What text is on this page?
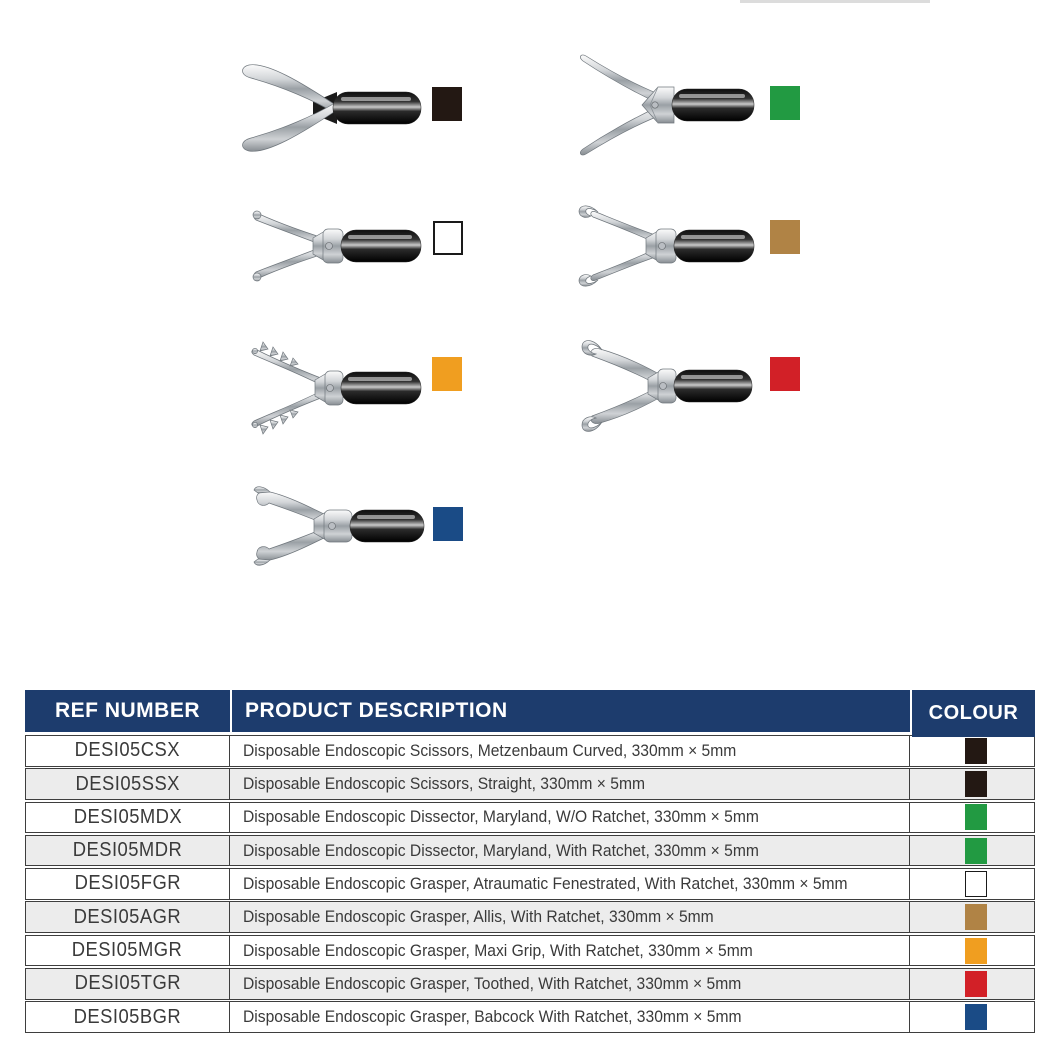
REF NUMBER	PRODUCT DESCRIPTION	COLOUR
DESI05CSX	Disposable Endoscopic Scissors, Metzenbaum Curved, 330mm × 5mm
DESI05SSX	Disposable Endoscopic Scissors, Straight, 330mm × 5mm
DESI05MDX	Disposable Endoscopic Dissector, Maryland, W/O Ratchet, 330mm × 5mm
DESI05MDR	Disposable Endoscopic Dissector, Maryland, With Ratchet, 330mm × 5mm
DESI05FGR	Disposable Endoscopic Grasper, Atraumatic Fenestrated, With Ratchet, 330mm × 5mm
DESI05AGR	Disposable Endoscopic Grasper, Allis, With Ratchet, 330mm × 5mm
DESI05MGR	Disposable Endoscopic Grasper, Maxi Grip, With Ratchet, 330mm × 5mm
DESI05TGR	Disposable Endoscopic Grasper, Toothed, With Ratchet, 330mm × 5mm
DESI05BGR	Disposable Endoscopic Grasper, Babcock With Ratchet, 330mm × 5mm
